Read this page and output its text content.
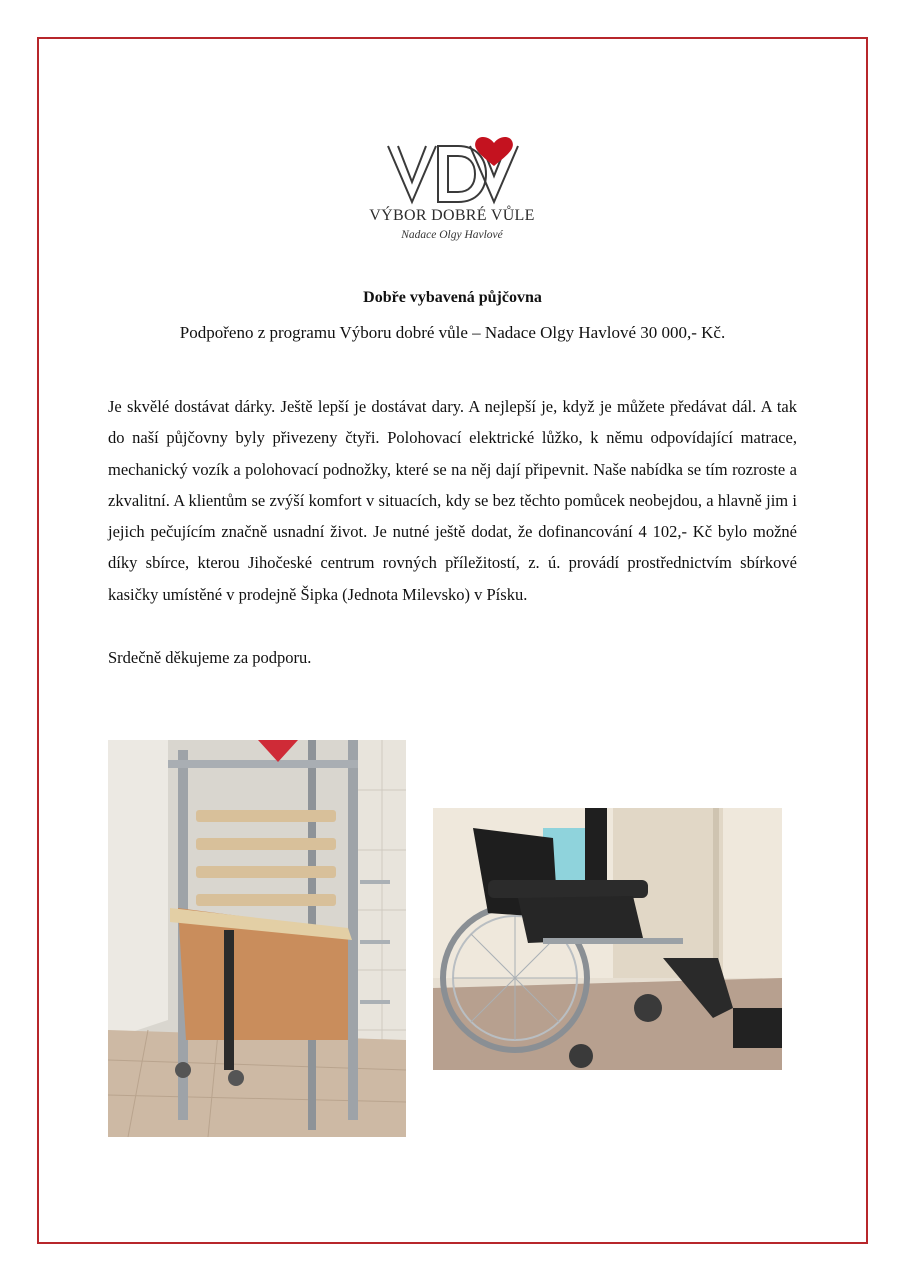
VÝBOR DOBRÉ VŮLE
Nadace Olgy Havlové
Dobře vybavená půjčovna
Podpořeno z programu Výboru dobré vůle – Nadace Olgy Havlové 30 000,- Kč.

Je skvělé dostávat dárky. Ještě lepší je dostávat dary. A nejlepší je, když je můžete předávat dál. A tak do naší půjčovny byly přivezeny čtyři. Polohovací elektrické lůžko, k němu odpovídající matrace, mechanický vozík a polohovací podnožky, které se na něj dají připevnit. Naše nabídka se tím rozroste a zkvalitní. A klientům se zvýší komfort v situacích, kdy se bez těchto pomůcek neobejdou, a hlavně jim i jejich pečujícím značně usnadní život. Je nutné ještě dodat, že dofinancování 4 102,- Kč bylo možné díky sbírce, kterou Jihočeské centrum rovných příležitostí, z. ú. provádí prostřednictvím sbírkové kasičky umístěné v prodejně Šipka (Jednota Milevsko) v Písku.

Srdečně děkujeme za podporu.
